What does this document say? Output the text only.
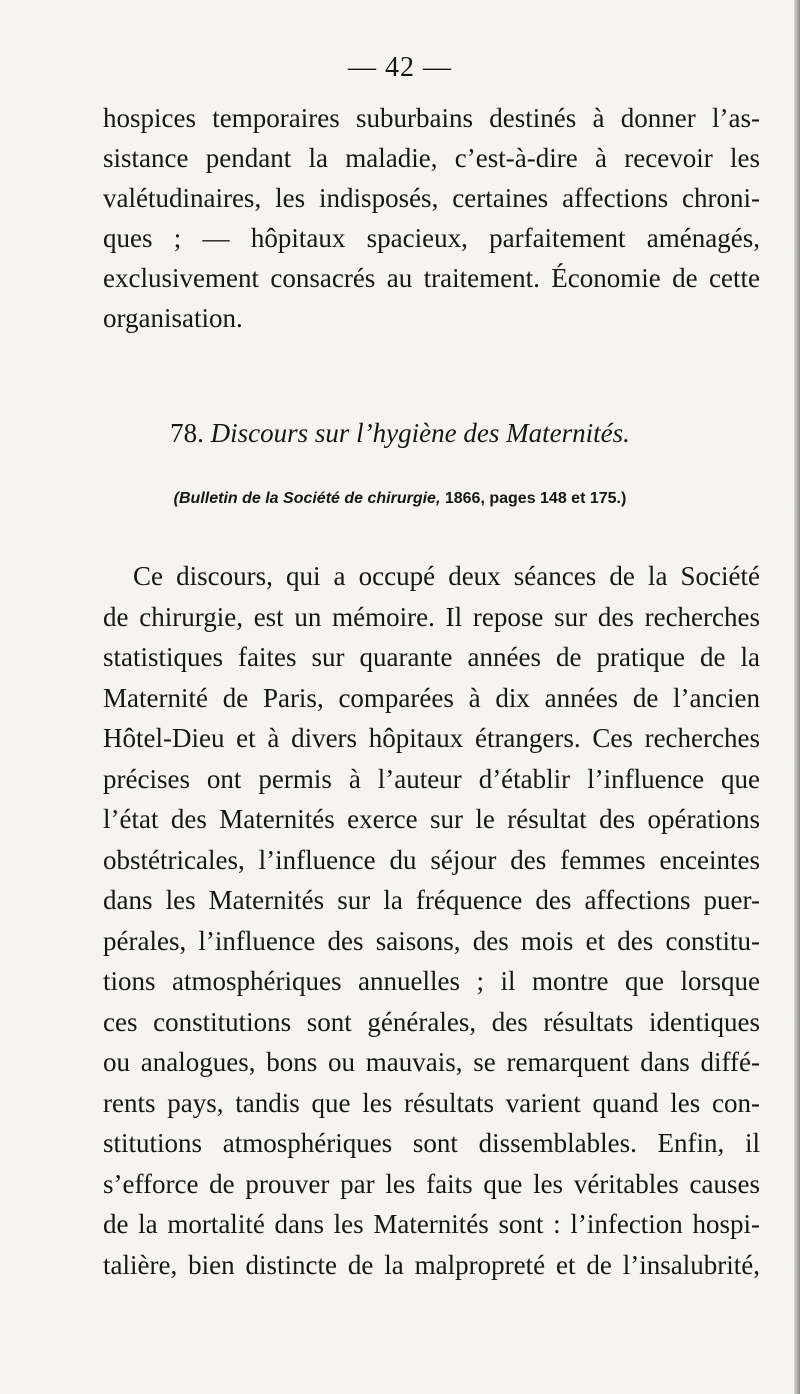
— 42 —
hospices temporaires suburbains destinés à donner l’as-
sistance pendant la maladie, c’est-à-dire à recevoir les
valétudinaires, les indisposés, certaines affections chroni-
ques ; — hôpitaux spacieux, parfaitement aménagés,
exclusivement consacrés au traitement. Économie de cette
organisation.
78. Discours sur l’hygiène des Maternités.
(Bulletin de la Société de chirurgie, 1866, pages 148 et 175.)
Ce discours, qui a occupé deux séances de la Société
de chirurgie, est un mémoire. Il repose sur des recherches
statistiques faites sur quarante années de pratique de la
Maternité de Paris, comparées à dix années de l’ancien
Hôtel-Dieu et à divers hôpitaux étrangers. Ces recherches
précises ont permis à l’auteur d’établir l’influence que
l’état des Maternités exerce sur le résultat des opérations
obstétricales, l’influence du séjour des femmes enceintes
dans les Maternités sur la fréquence des affections puer-
pérales, l’influence des saisons, des mois et des constitu-
tions atmosphériques annuelles ; il montre que lorsque
ces constitutions sont générales, des résultats identiques
ou analogues, bons ou mauvais, se remarquent dans diffé-
rents pays, tandis que les résultats varient quand les con-
stitutions atmosphériques sont dissemblables. Enfin, il
s’efforce de prouver par les faits que les véritables causes
de la mortalité dans les Maternités sont : l’infection hospi-
talière, bien distincte de la malpropreté et de l’insalubrité,
